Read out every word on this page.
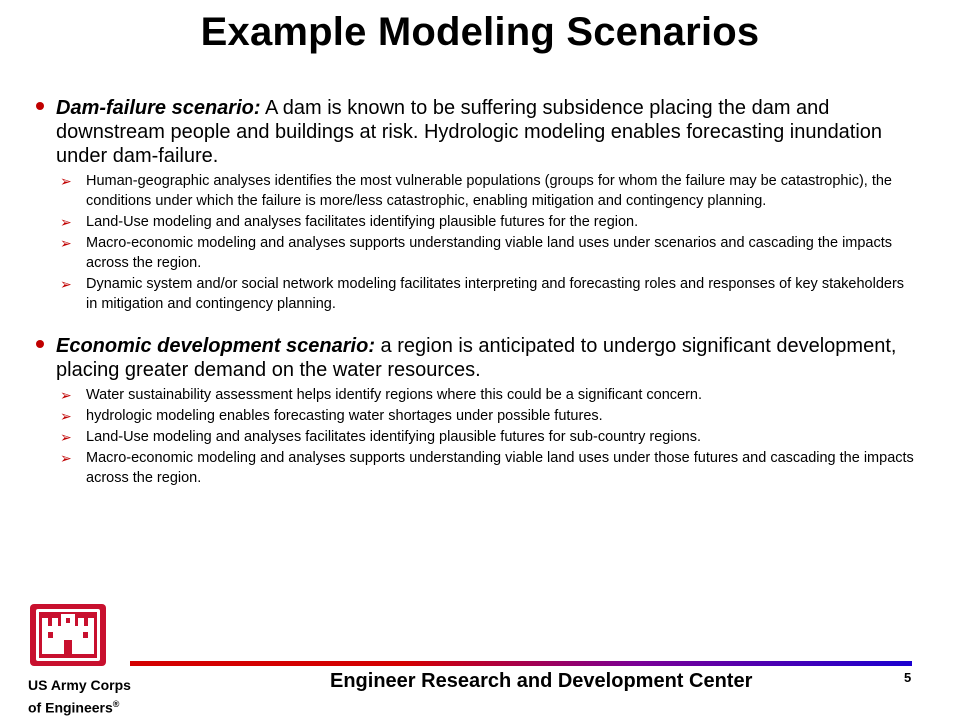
Example Modeling Scenarios
Dam-failure scenario: A dam is known to be suffering subsidence placing the dam and downstream people and buildings at risk. Hydrologic modeling enables forecasting inundation under dam-failure.
➢ Human-geographic analyses identifies the most vulnerable populations (groups for whom the failure may be catastrophic), the conditions under which the failure is more/less catastrophic, enabling mitigation and contingency planning.
➢ Land-Use modeling and analyses facilitates identifying plausible futures for the region.
➢ Macro-economic modeling and analyses supports understanding viable land uses under scenarios and cascading the impacts across the region.
➢ Dynamic system and/or social network modeling facilitates interpreting and forecasting roles and responses of key stakeholders in mitigation and contingency planning.
Economic development scenario: a region is anticipated to undergo significant development, placing greater demand on the water resources.
➢ Water sustainability assessment helps identify regions where this could be a significant concern.
➢ hydrologic modeling enables forecasting water shortages under possible futures.
➢ Land-Use modeling and analyses facilitates identifying plausible futures for sub-country regions.
➢ Macro-economic modeling and analyses supports understanding viable land uses under those futures and cascading the impacts across the region.
US Army Corps
of Engineers®
Engineer Research and Development Center	5
